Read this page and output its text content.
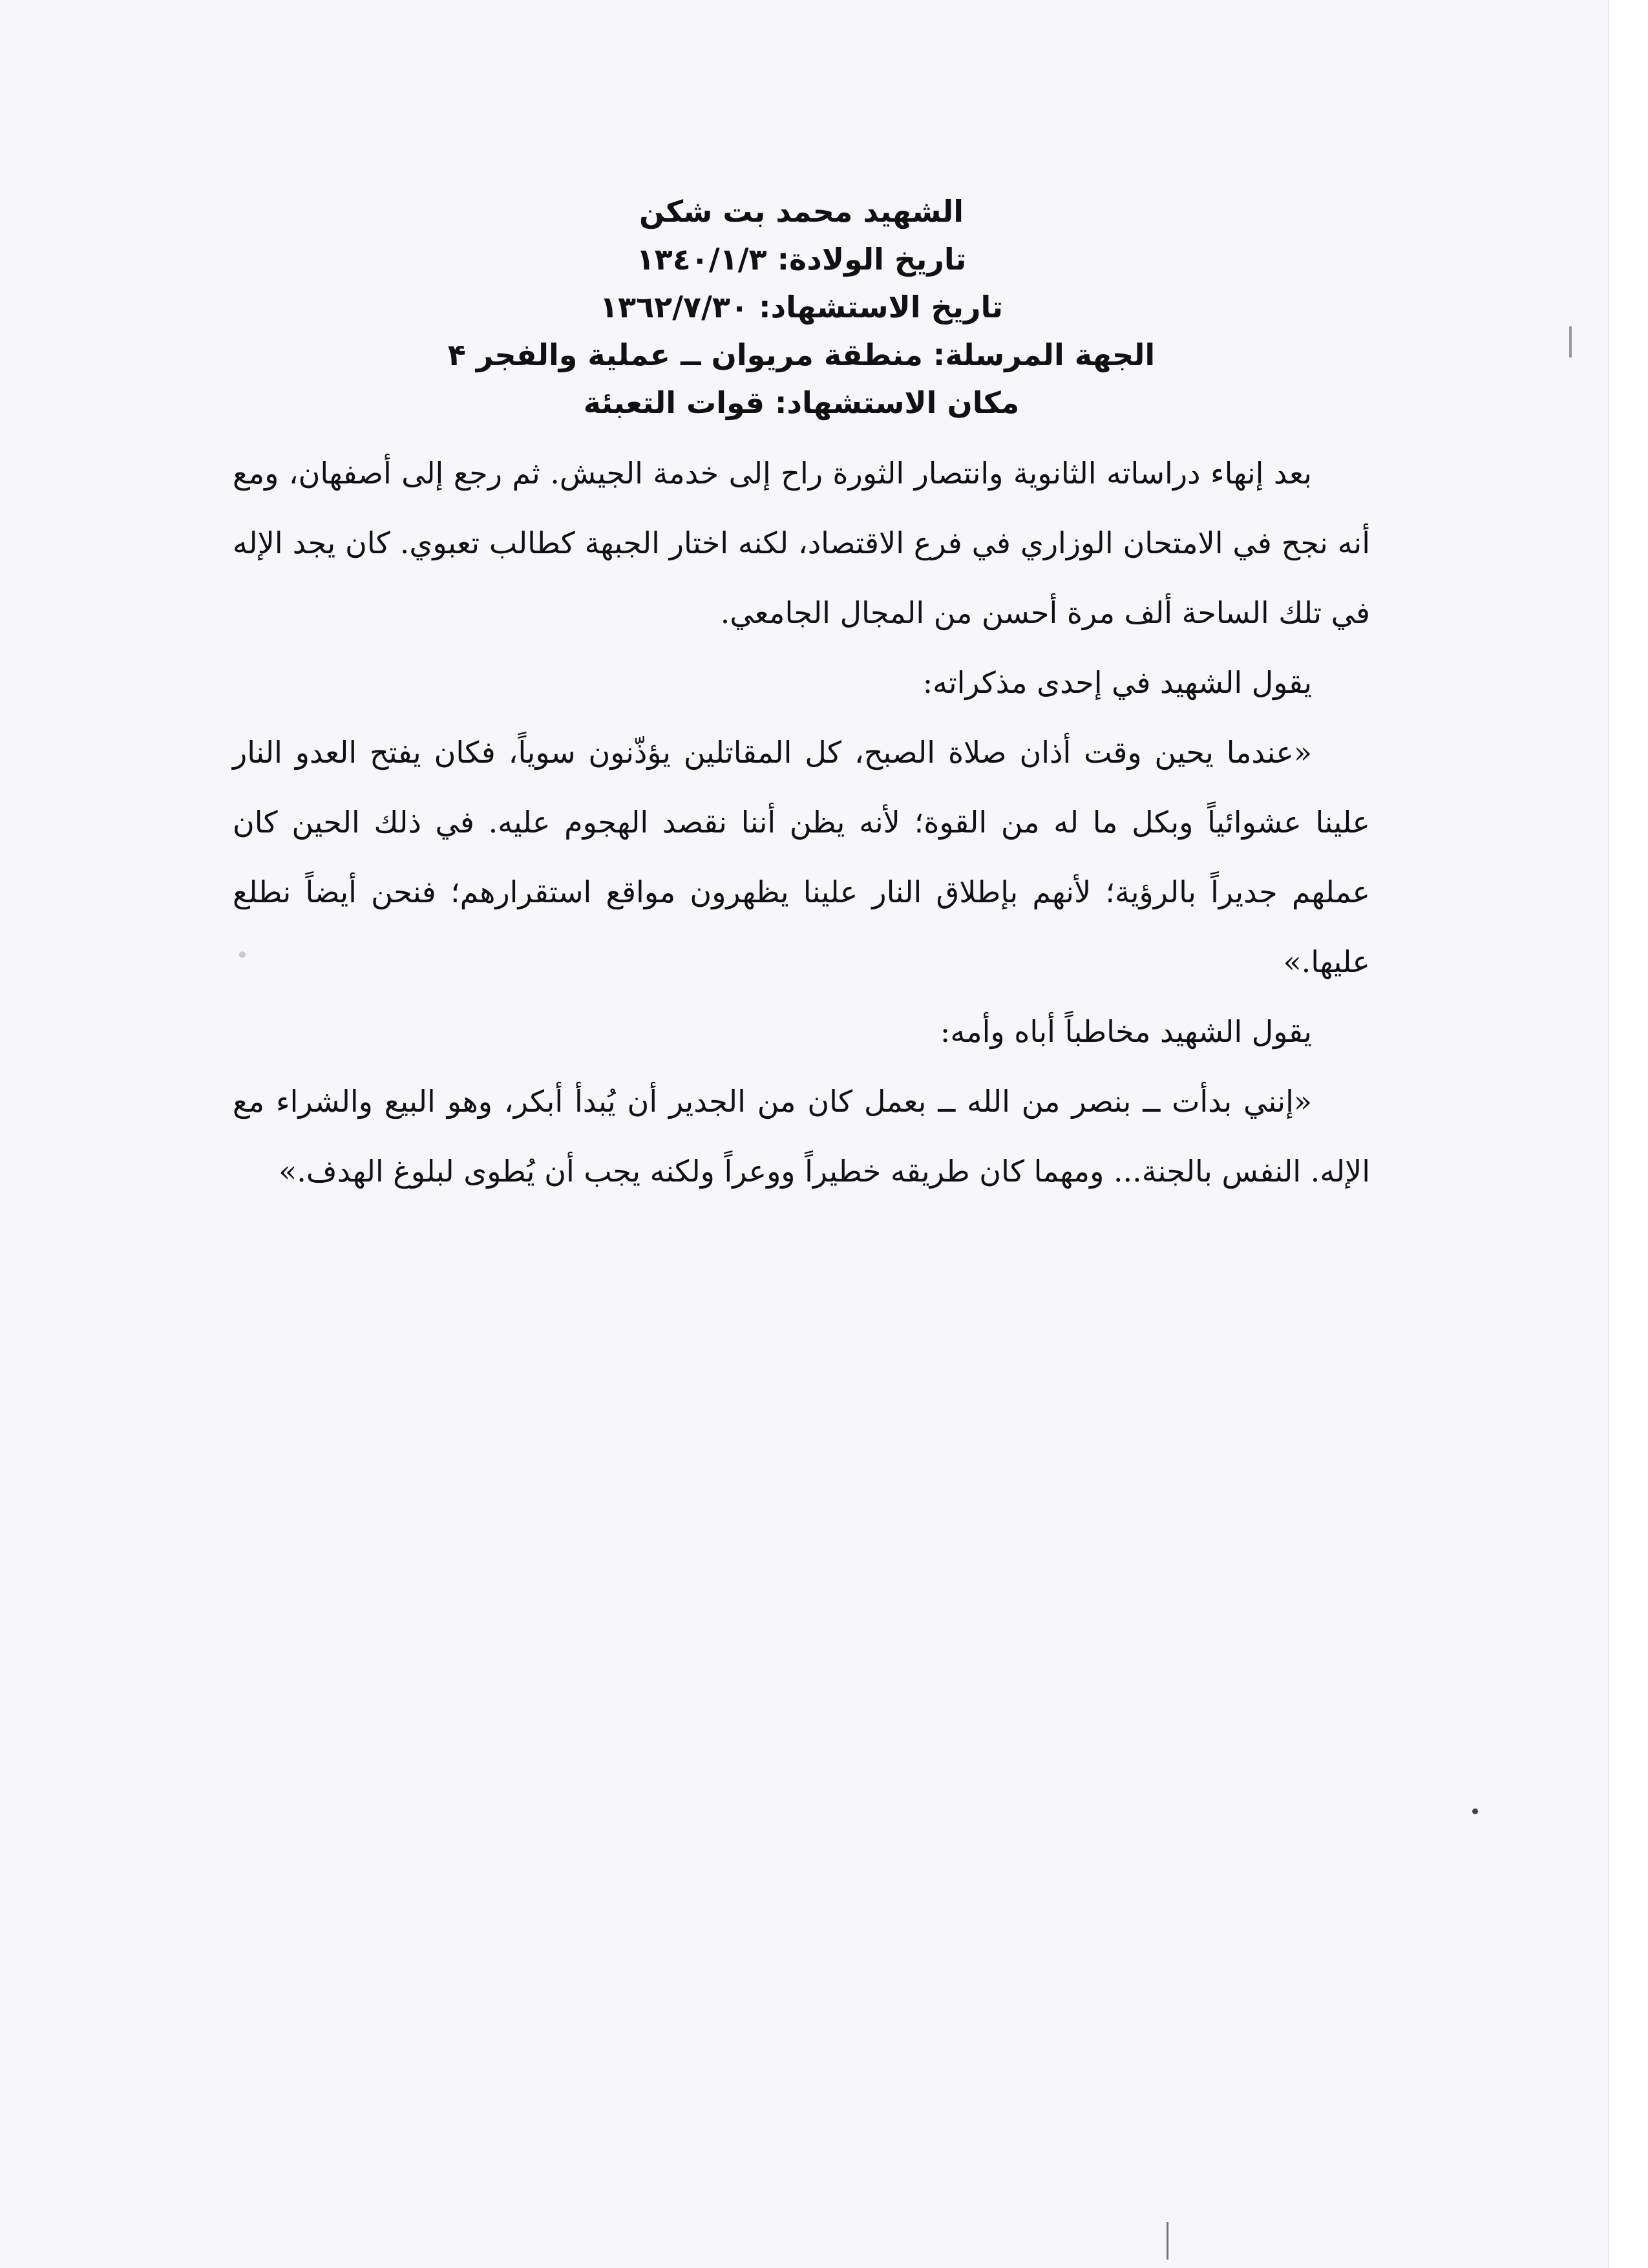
الشهيد محمد بت شكن
تاريخ الولادة: ١٣٤٠/١/٣
تاريخ الاستشهاد: ١٣٦٢/٧/٣٠
الجهة المرسلة: منطقة مريوان ــ عملية والفجر ۴
مكان الاستشهاد: قوات التعبئة

بعد إنهاء دراساته الثانوية وانتصار الثورة راح إلى خدمة الجيش. ثم رجع إلى أصفهان، ومع أنه نجح في الامتحان الوزاري في فرع الاقتصاد، لكنه اختار الجبهة كطالب تعبوي. كان يجد الإله في تلك الساحة ألف مرة أحسن من المجال الجامعي.

يقول الشهيد في إحدى مذكراته:

«عندما يحين وقت أذان صلاة الصبح، كل المقاتلين يؤذّنون سوياً، فكان يفتح العدو النار علينا عشوائياً وبكل ما له من القوة؛ لأنه يظن أننا نقصد الهجوم عليه. في ذلك الحين كان عملهم جديراً بالرؤية؛ لأنهم بإطلاق النار علينا يظهرون مواقع استقرارهم؛ فنحن أيضاً نطلع عليها.»

يقول الشهيد مخاطباً أباه وأمه:

«إنني بدأت ــ بنصر من الله ــ بعمل كان من الجدير أن يُبدأ أبكر، وهو البيع والشراء مع الإله. النفس بالجنة... ومهما كان طريقه خطيراً ووعراً ولكنه يجب أن يُطوى لبلوغ الهدف.»
